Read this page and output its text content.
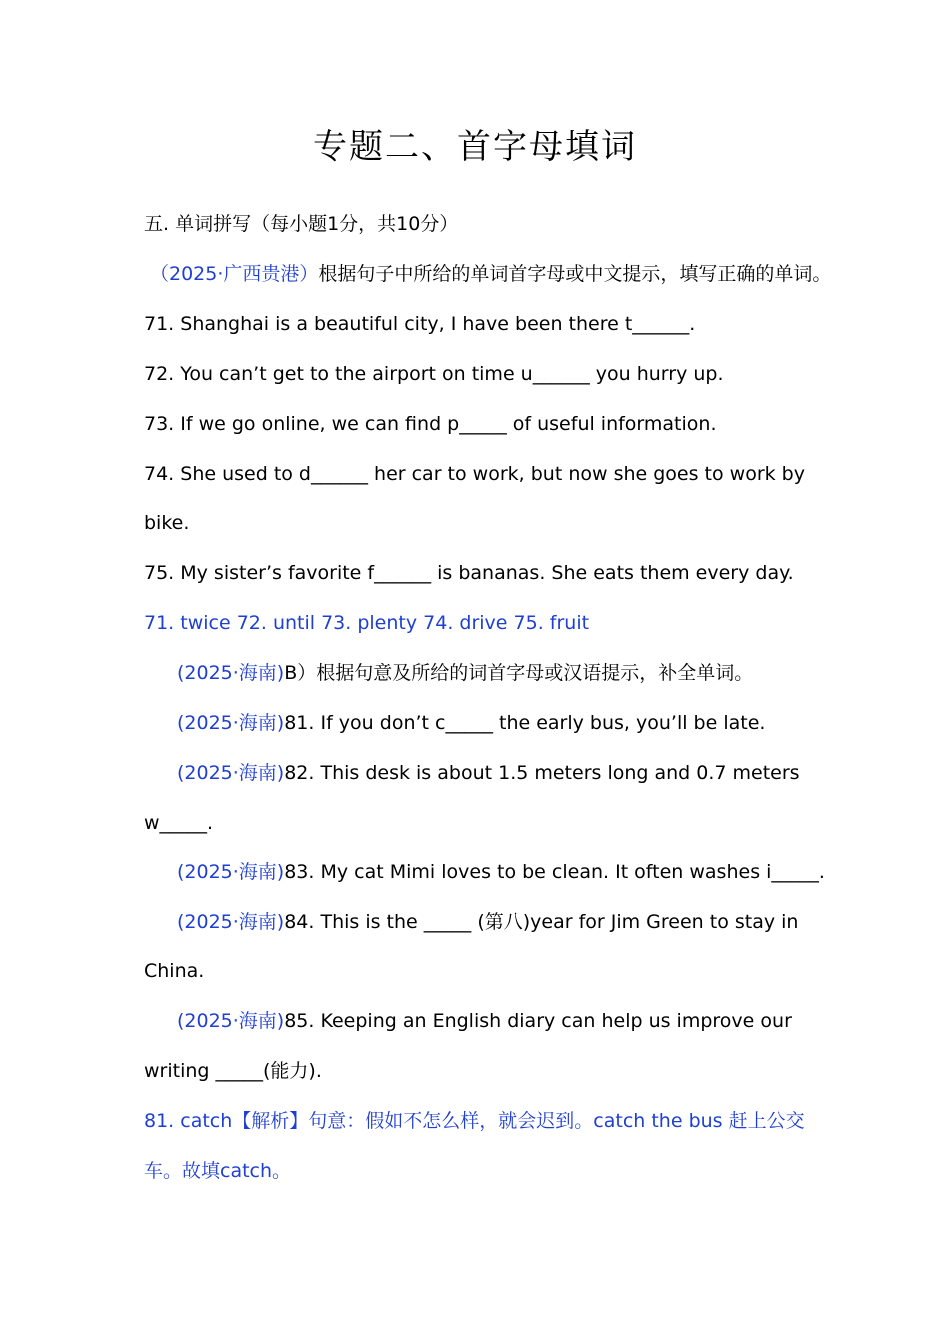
专题二、首字母填词
五. 单词拼写（每小题1分，共10分）
（2025·广西贵港）根据句子中所给的单词首字母或中文提示，填写正确的单词。
71. Shanghai is a beautiful city, I have been there t______.
72. You can’t get to the airport on time u______ you hurry up.
73. If we go online, we can find p_____ of useful information.
74. She used to d______ her car to work, but now she goes to work by
bike.
75. My sister’s favorite f______ is bananas. She eats them every day.
71. twice 72. until 73. plenty 74. drive 75. fruit
(2025·海南)B）根据句意及所给的词首字母或汉语提示，补全单词。
(2025·海南)81. If you don’t c_____ the early bus, you’ll be late.
(2025·海南)82. This desk is about 1.5 meters long and 0.7 meters
w_____.
(2025·海南)83. My cat Mimi loves to be clean. It often washes i_____.
(2025·海南)84. This is the _____ (第八)year for Jim Green to stay in
China.
(2025·海南)85. Keeping an English diary can help us improve our
writing _____(能力).
81. catch【解析】句意：假如不怎么样，就会迟到。catch the bus 赶上公交
车。故填catch。
